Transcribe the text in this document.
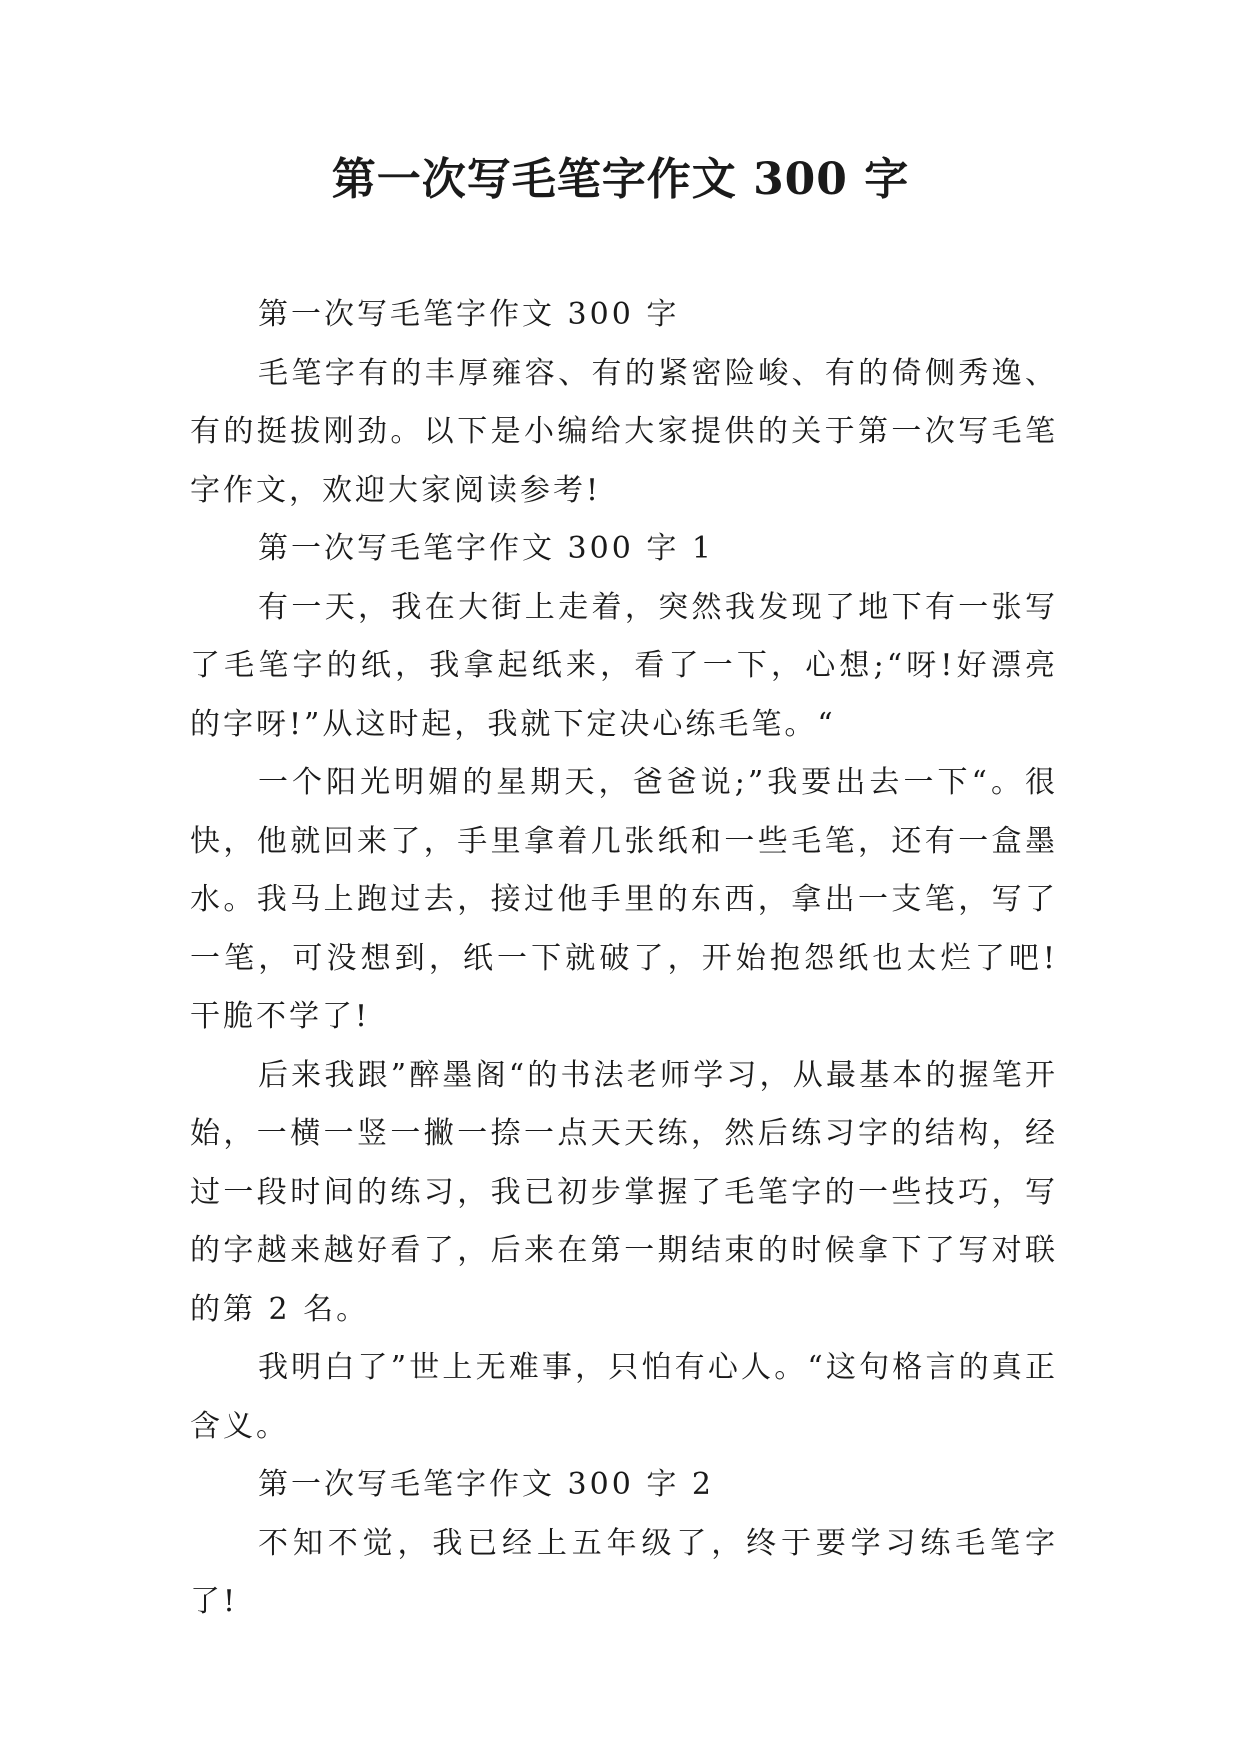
第一次写毛笔字作文 300 字

第一次写毛笔字作文 300 字

毛笔字有的丰厚雍容、有的紧密险峻、有的倚侧秀逸、有的挺拔刚劲。以下是小编给大家提供的关于第一次写毛笔字作文，欢迎大家阅读参考!

第一次写毛笔字作文 300 字 1

有一天，我在大街上走着，突然我发现了地下有一张写了毛笔字的纸，我拿起纸来，看了一下，心想;“呀!好漂亮的字呀!”从这时起，我就下定决心练毛笔。“

一个阳光明媚的星期天，爸爸说;”我要出去一下“。很快，他就回来了，手里拿着几张纸和一些毛笔，还有一盒墨水。我马上跑过去，接过他手里的东西，拿出一支笔，写了一笔，可没想到，纸一下就破了，开始抱怨纸也太烂了吧!干脆不学了!

后来我跟”醉墨阁“的书法老师学习，从最基本的握笔开始，一横一竖一撇一捺一点天天练，然后练习字的结构，经过一段时间的练习，我已初步掌握了毛笔字的一些技巧，写的字越来越好看了，后来在第一期结束的时候拿下了写对联的第 2 名。

我明白了”世上无难事，只怕有心人。“这句格言的真正含义。

第一次写毛笔字作文 300 字 2

不知不觉，我已经上五年级了，终于要学习练毛笔字了!
